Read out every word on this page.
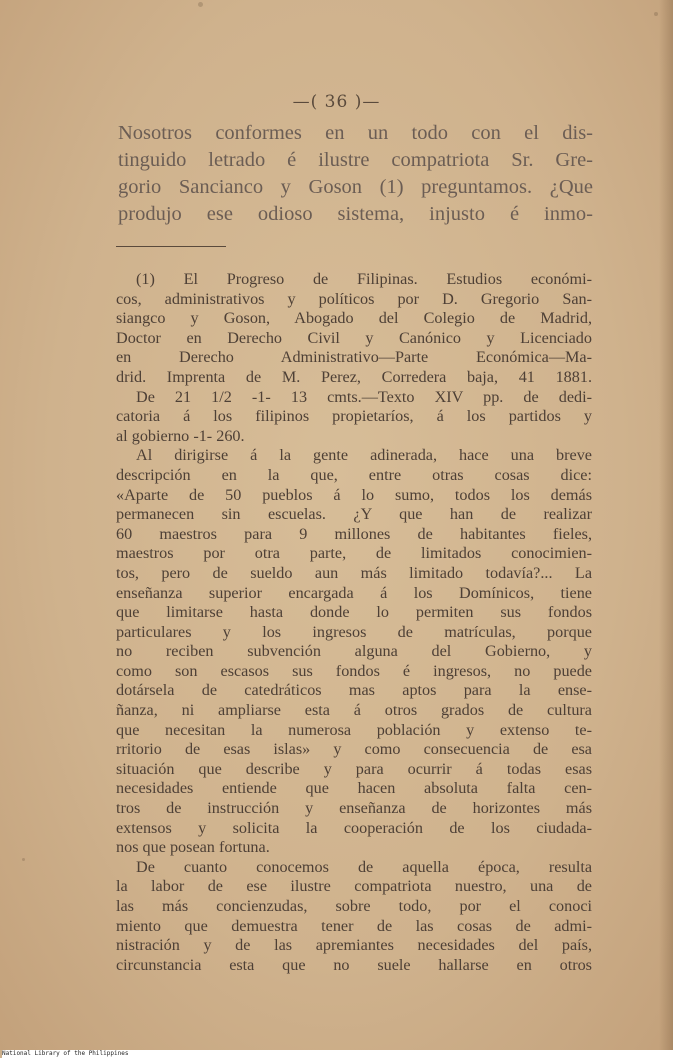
—( 36 )—
Nosotros conformes en un todo con el dis-
tinguido letrado é ilustre compatriota Sr. Gre-
gorio Sancianco y Goson (1) preguntamos. ¿Que
produjo ese odioso sistema, injusto é inmo-
(1) El Progreso de Filipinas. Estudios económi-
cos, administrativos y políticos por D. Gregorio San-
siangco y Goson, Abogado del Colegio de Madrid,
Doctor en Derecho Civil y Canónico y Licenciado
en Derecho Administrativo—Parte Económica—Ma-
drid. Imprenta de M. Perez, Corredera baja, 41 1881.
De 21 1/2 -1- 13 cmts.—Texto XIV pp. de dedi-
catoria á los filipinos propietaríos, á los partidos y
al gobierno -1- 260.
Al dirigirse á la gente adinerada, hace una breve
descripción en la que, entre otras cosas dice:
«Aparte de 50 pueblos á lo sumo, todos los demás
permanecen sin escuelas. ¿Y que han de realizar
60 maestros para 9 millones de habitantes fieles,
maestros por otra parte, de limitados conocimien-
tos, pero de sueldo aun más limitado todavía?... La
enseñanza superior encargada á los Domínicos, tiene
que limitarse hasta donde lo permiten sus fondos
particulares y los ingresos de matrículas, porque
no reciben subvención alguna del Gobierno, y
como son escasos sus fondos é ingresos, no puede
dotársela de catedráticos mas aptos para la ense-
ñanza, ni ampliarse esta á otros grados de cultura
que necesitan la numerosa población y extenso te-
rritorio de esas islas» y como consecuencia de esa
situación que describe y para ocurrir á todas esas
necesidades entiende que hacen absoluta falta cen-
tros de instrucción y enseñanza de horizontes más
extensos y solicita la cooperación de los ciudada-
nos que posean fortuna.
De cuanto conocemos de aquella época, resulta
la labor de ese ilustre compatriota nuestro, una de
las más concienzudas, sobre todo, por el conoci
miento que demuestra tener de las cosas de admi-
nistración y de las apremiantes necesidades del país,
circunstancia esta que no suele hallarse en otros
National Library of the Philippines
